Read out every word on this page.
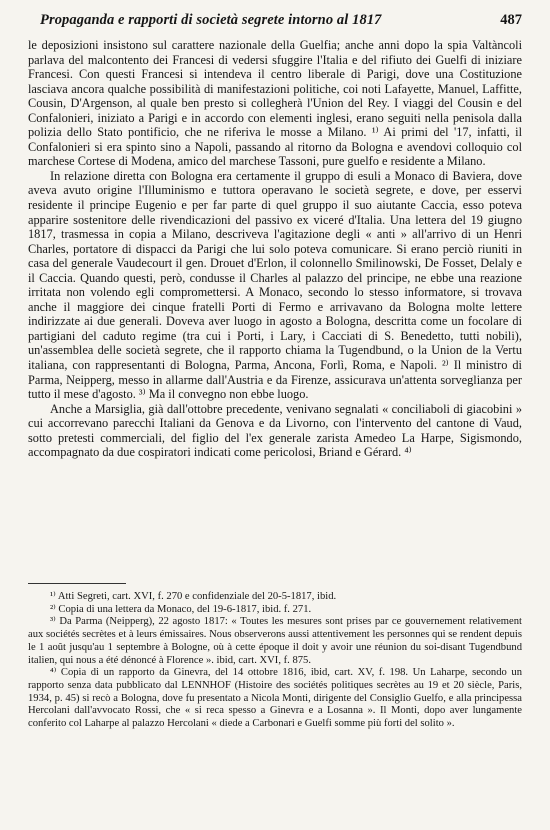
Propaganda e rapporti di società segrete intorno al 1817	487

le deposizioni insistono sul carattere nazionale della Guelfia; anche anni dopo la spia Valtàncoli parlava del malcontento dei Francesi di vedersi sfuggire l'Italia e del rifiuto dei Guelfi di iniziare Francesi. Con questi Francesi si intendeva il centro liberale di Parigi, dove una Costituzione lasciava ancora qualche possibilità di manifestazioni politiche, coi noti Lafayette, Manuel, Laffitte, Cousin, D'Argenson, al quale ben presto si collegherà l'Union del Rey. I viaggi del Cousin e del Confalonieri, iniziato a Parigi e in accordo con elementi inglesi, erano seguiti nella penisola dalla polizia dello Stato pontificio, che ne riferiva le mosse a Milano. ¹⁾ Ai primi del '17, infatti, il Confalonieri si era spinto sino a Napoli, passando al ritorno da Bologna e avendovi colloquio col marchese Cortese di Modena, amico del marchese Tassoni, pure guelfo e residente a Milano.

In relazione diretta con Bologna era certamente il gruppo di esuli a Monaco di Baviera, dove aveva avuto origine l'Illuminismo e tuttora operavano le società segrete, e dove, per esservi residente il principe Eugenio e per far parte di quel gruppo il suo aiutante Caccia, esso poteva apparire sostenitore delle rivendicazioni del passivo ex viceré d'Italia. Una lettera del 19 giugno 1817, trasmessa in copia a Milano, descriveva l'agitazione degli « anti » all'arrivo di un Henri Charles, portatore di dispacci da Parigi che lui solo poteva comunicare. Si erano perciò riuniti in casa del generale Vaudecourt il gen. Drouet d'Erlon, il colonnello Smilinowski, De Fosset, Delaly e il Caccia. Quando questi, però, condusse il Charles al palazzo del principe, ne ebbe una reazione irritata non volendo egli compromettersi. A Monaco, secondo lo stesso informatore, si trovava anche il maggiore dei cinque fratelli Porti di Fermo e arrivavano da Bologna molte lettere indirizzate ai due generali. Doveva aver luogo in agosto a Bologna, descritta come un focolare di partigiani del caduto regime (tra cui i Porti, i Lary, i Cacciati di S. Benedetto, tutti nobili), un'assemblea delle società segrete, che il rapporto chiama la Tugendbund, o la Union de la Vertu italiana, con rappresentanti di Bologna, Parma, Ancona, Forlì, Roma, e Napoli. ²⁾ Il ministro di Parma, Neipperg, messo in allarme dall'Austria e da Firenze, assicurava un'attenta sorveglianza per tutto il mese d'agosto. ³⁾ Ma il convegno non ebbe luogo.

Anche a Marsiglia, già dall'ottobre precedente, venivano segnalati « conciliaboli di giacobini » cui accorrevano parecchi Italiani da Genova e da Livorno, con l'intervento del cantone di Vaud, sotto pretesti commerciali, del figlio del l'ex generale zarista Amedeo La Harpe, Sigismondo, accompagnato da due cospiratori indicati come pericolosi, Briand e Gérard. ⁴⁾

¹⁾ Atti Segreti, cart. XVI, f. 270 e confidenziale del 20-5-1817, ibid.

²⁾ Copia di una lettera da Monaco, del 19-6-1817, ibid. f. 271.

³⁾ Da Parma (Neipperg), 22 agosto 1817: « Toutes les mesures sont prises par ce gouvernement relativement aux sociétés secrètes et à leurs émissaires. Nous observerons aussi attentivement les personnes qui se rendent depuis le 1 août jusqu'au 1 septembre à Bologne, où à cette époque il doit y avoir une réunion du soi-disant Tugendbund italien, qui nous a été dénoncé à Florence ». ibid, cart. XVI, f. 875.

⁴⁾ Copia di un rapporto da Ginevra, del 14 ottobre 1816, ibid, cart. XV, f. 198. Un Laharpe, secondo un rapporto senza data pubblicato dal LENNHOF (Histoire des sociétés politiques secrètes au 19 et 20 siècle, Paris, 1934, p. 45) si recò a Bologna, dove fu presentato a Nicola Monti, dirigente del Consiglio Guelfo, e alla principessa Hercolani dall'avvocato Rossi, che « si reca spesso a Ginevra e a Losanna ». Il Monti, dopo aver lungamente conferito col Laharpe al palazzo Hercolani « diede a Carbonari e Guelfi somme più forti del solito ».
